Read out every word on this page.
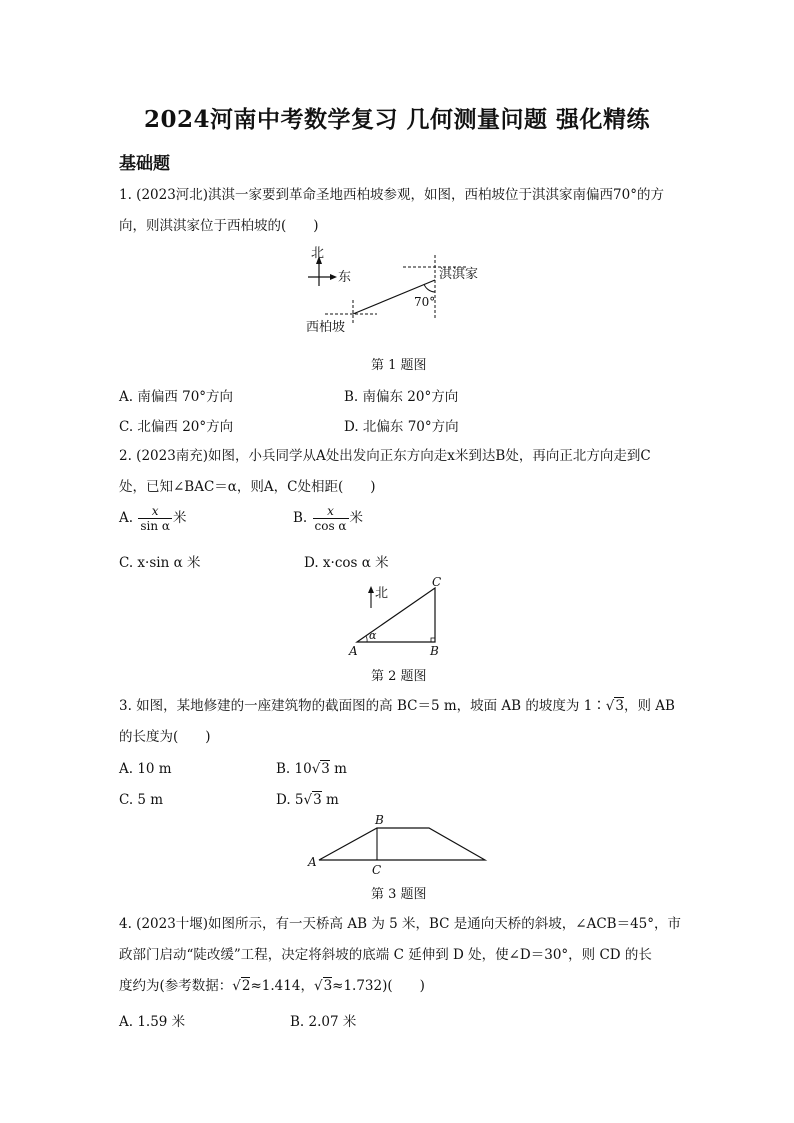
2024河南中考数学复习 几何测量问题 强化精练
基础题
1. (2023河北)淇淇一家要到革命圣地西柏坡参观，如图，西柏坡位于淇淇家南偏西70°的方
向，则淇淇家位于西柏坡的(　　)
北
东
70°
淇淇家
西柏坡
第 1 题图
A. 南偏西 70°方向	B. 南偏东 20°方向
C. 北偏西 20°方向	D. 北偏东 70°方向
2. (2023南充)如图，小兵同学从A处出发向正东方向走x米到达B处，再向正北方向走到C
处，已知∠BAC＝α，则A，C处相距(　　)
A. $\frac{x}{\text{sin α}}$ 米	B. $\frac{x}{\text{cos α}}$ 米
C. x·sin α 米	D. x·cos α 米
α
北
A	B
C
第 2 题图
3. 如图，某地修建的一座建筑物的截面图的高 BC＝5 m，坡面 AB 的坡度为 1∶√3，则 AB
的长度为(　　)
A. 10 m	B. 10√3 m
C. 5 m	D. 5√3 m
A
B
C
第 3 题图
4. (2023十堰)如图所示，有一天桥高 AB 为 5 米，BC 是通向天桥的斜坡，∠ACB＝45°，市
政部门启动“陡改缓”工程，决定将斜坡的底端 C 延伸到 D 处，使∠D＝30°，则 CD 的长
度约为(参考数据：√2≈1.414，√3≈1.732)(　　)
A. 1.59 米	B. 2.07 米
